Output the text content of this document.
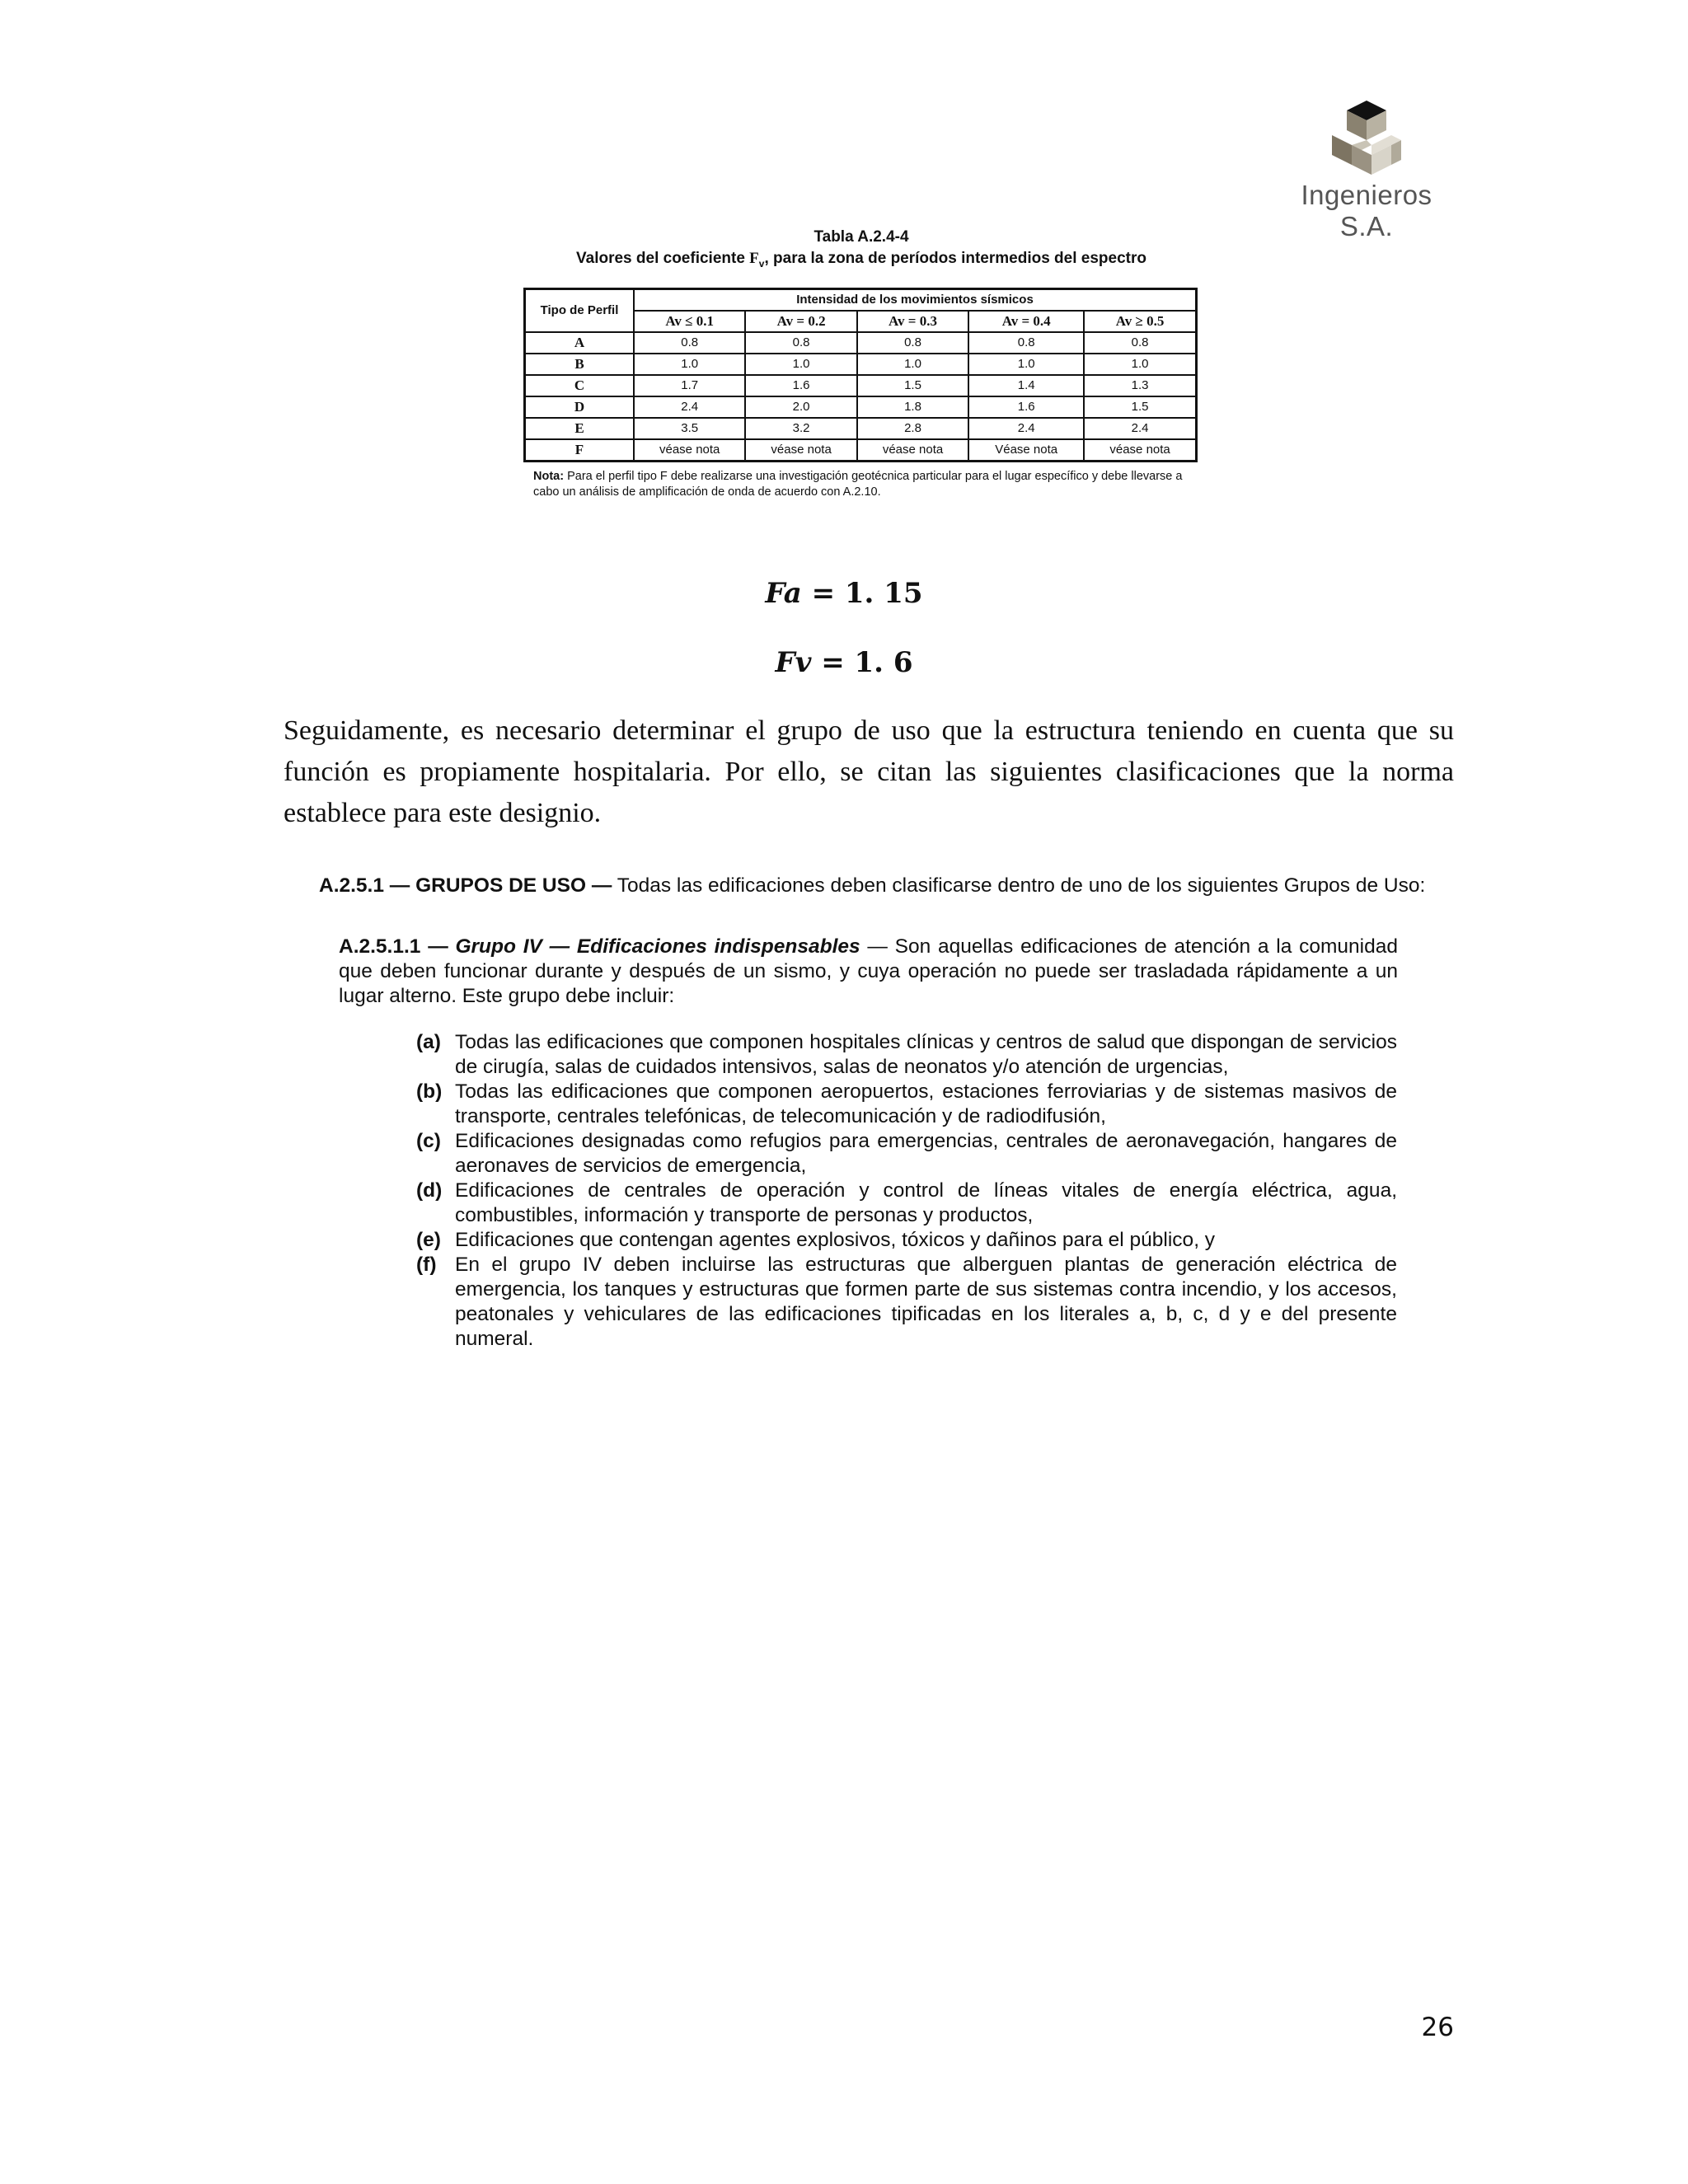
Ingenieros S.A.
Tabla A.2.4-4
Valores del coeficiente $F_v$, para la zona de períodos intermedios del espectro
Tipo de Perfil	Intensidad de los movimientos sísmicos				
	Av ≤ 0.1	Av = 0.2	Av = 0.3	Av = 0.4	Av ≥ 0.5
A	0.8	0.8	0.8	0.8	0.8
B	1.0	1.0	1.0	1.0	1.0
C	1.7	1.6	1.5	1.4	1.3
D	2.4	2.0	1.8	1.6	1.5
E	3.5	3.2	2.8	2.4	2.4
F	véase nota	véase nota	véase nota	Véase nota	véase nota
Nota: Para el perfil tipo F debe realizarse una investigación geotécnica particular para el lugar específico y debe llevarse a cabo un análisis de amplificación de onda de acuerdo con A.2.10.
Fa = 1. 15
Fv = 1. 6
Seguidamente, es necesario determinar el grupo de uso que la estructura teniendo en cuenta que su función es propiamente hospitalaria. Por ello, se citan las siguientes clasificaciones que la norma establece para este designio.
A.2.5.1 — GRUPOS DE USO — Todas las edificaciones deben clasificarse dentro de uno de los siguientes Grupos de Uso:
A.2.5.1.1 — Grupo IV — Edificaciones indispensables — Son aquellas edificaciones de atención a la comunidad que deben funcionar durante y después de un sismo, y cuya operación no puede ser trasladada rápidamente a un lugar alterno. Este grupo debe incluir:
(a) Todas las edificaciones que componen hospitales clínicas y centros de salud que dispongan de servicios de cirugía, salas de cuidados intensivos, salas de neonatos y/o atención de urgencias,
(b) Todas las edificaciones que componen aeropuertos, estaciones ferroviarias y de sistemas masivos de transporte, centrales telefónicas, de telecomunicación y de radiodifusión,
(c) Edificaciones designadas como refugios para emergencias, centrales de aeronavegación, hangares de aeronaves de servicios de emergencia,
(d) Edificaciones de centrales de operación y control de líneas vitales de energía eléctrica, agua, combustibles, información y transporte de personas y productos,
(e) Edificaciones que contengan agentes explosivos, tóxicos y dañinos para el público, y
(f) En el grupo IV deben incluirse las estructuras que alberguen plantas de generación eléctrica de emergencia, los tanques y estructuras que formen parte de sus sistemas contra incendio, y los accesos, peatonales y vehiculares de las edificaciones tipificadas en los literales a, b, c, d y e del presente numeral.
26
